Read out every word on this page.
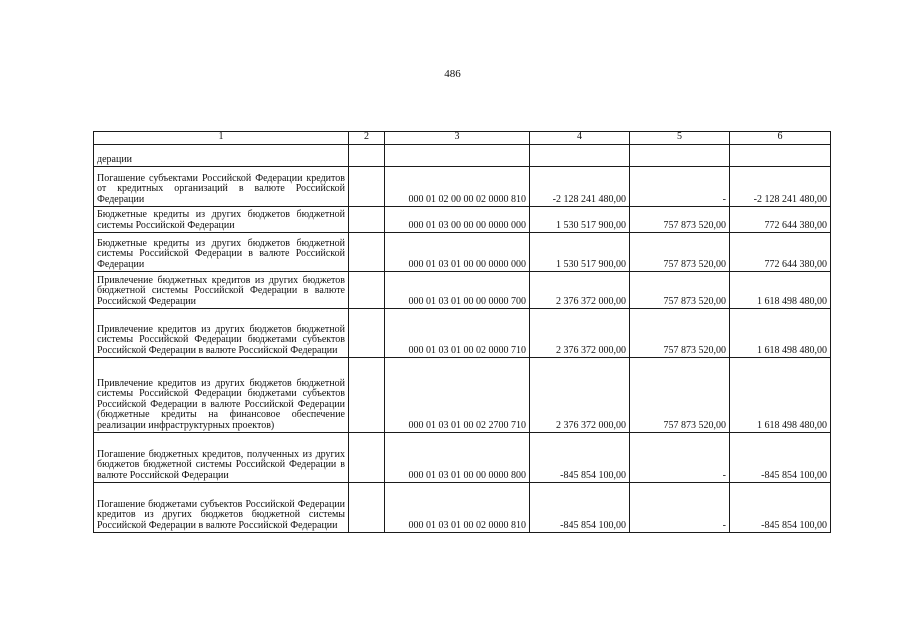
486
1	2	3	4	5	6
дерации					
Погашение субъектами Российской Федерации кредитов от кредитных организаций в валюте Российской Федерации		000 01 02 00 00 02 0000 810	-2 128 241 480,00	-	-2 128 241 480,00
Бюджетные кредиты из других бюджетов бюджетной системы Российской Федерации		000 01 03 00 00 00 0000 000	1 530 517 900,00	757 873 520,00	772 644 380,00
Бюджетные кредиты из других бюджетов бюджетной системы Российской Федерации в валюте Российской Федерации		000 01 03 01 00 00 0000 000	1 530 517 900,00	757 873 520,00	772 644 380,00
Привлечение бюджетных кредитов из других бюджетов бюджетной системы Российской Федерации в валюте Российской Федерации		000 01 03 01 00 00 0000 700	2 376 372 000,00	757 873 520,00	1 618 498 480,00
Привлечение кредитов из других бюджетов бюджетной системы Российской Федерации бюджетами субъектов Российской Федерации в валюте Российской Федерации		000 01 03 01 00 02 0000 710	2 376 372 000,00	757 873 520,00	1 618 498 480,00
Привлечение кредитов из других бюджетов бюджетной системы Российской Федерации бюджетами субъектов Российской Федерации в валюте Российской Федерации (бюджетные кредиты на финансовое обеспечение реализации инфраструктурных проектов)		000 01 03 01 00 02 2700 710	2 376 372 000,00	757 873 520,00	1 618 498 480,00
Погашение бюджетных кредитов, полученных из других бюджетов бюджетной системы Российской Федерации в валюте Российской Федерации		000 01 03 01 00 00 0000 800	-845 854 100,00	-	-845 854 100,00
Погашение бюджетами субъектов Российской Федерации кредитов из других бюджетов бюджетной системы Российской Федерации в валюте Российской Федерации		000 01 03 01 00 02 0000 810	-845 854 100,00	-	-845 854 100,00
